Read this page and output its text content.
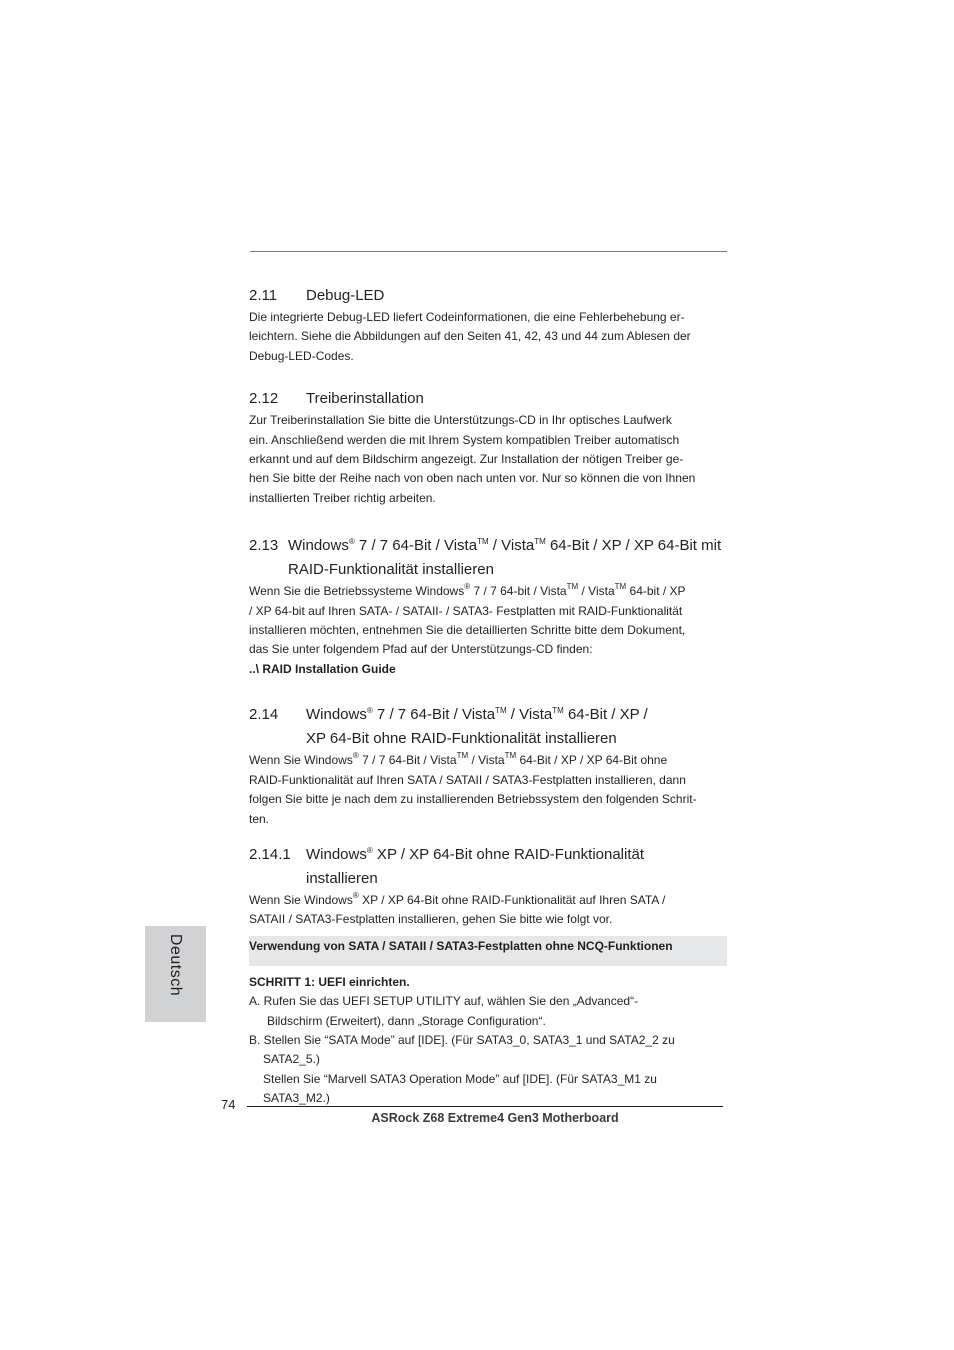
2.11 Debug-LED
Die integrierte Debug-LED liefert Codeinformationen, die eine Fehlerbehebung er-
leichtern. Siehe die Abbildungen auf den Seiten 41, 42, 43 und 44 zum Ablesen der
Debug-LED-Codes.
2.12 Treiberinstallation
Zur Treiberinstallation Sie bitte die Unterstützungs-CD in Ihr optisches Laufwerk
ein. Anschließend werden die mit Ihrem System kompatiblen Treiber automatisch
erkannt und auf dem Bildschirm angezeigt. Zur Installation der nötigen Treiber ge-
hen Sie bitte der Reihe nach von oben nach unten vor. Nur so können die von Ihnen
installierten Treiber richtig arbeiten.
2.13 Windows® 7 / 7 64-Bit / Vista™ / Vista™ 64-Bit / XP / XP 64-Bit mit
RAID-Funktionalität installieren
Wenn Sie die Betriebssysteme Windows® 7 / 7 64-bit / Vista™ / Vista™ 64-bit / XP
/ XP 64-bit auf Ihren SATA- / SATAII- / SATA3- Festplatten mit RAID-Funktionalität
installieren möchten, entnehmen Sie die detaillierten Schritte bitte dem Dokument,
das Sie unter folgendem Pfad auf der Unterstützungs-CD finden:
..\ RAID Installation Guide
2.14 Windows® 7 / 7 64-Bit / Vista™ / Vista™ 64-Bit / XP /
XP 64-Bit ohne RAID-Funktionalität installieren
Wenn Sie Windows® 7 / 7 64-Bit / Vista™ / Vista™ 64-Bit / XP / XP 64-Bit ohne
RAID-Funktionalität auf Ihren SATA / SATAII / SATA3-Festplatten installieren, dann
folgen Sie bitte je nach dem zu installierenden Betriebssystem den folgenden Schrit-
ten.
2.14.1 Windows® XP / XP 64-Bit ohne RAID-Funktionalität
installieren
Wenn Sie Windows® XP / XP 64-Bit ohne RAID-Funktionalität auf Ihren SATA /
SATAII / SATA3-Festplatten installieren, gehen Sie bitte wie folgt vor.
Verwendung von SATA / SATAII / SATA3-Festplatten ohne NCQ-Funktionen
SCHRITT 1: UEFI einrichten.
A. Rufen Sie das UEFI SETUP UTILITY auf, wählen Sie den „Advanced“-
Bildschirm (Erweitert), dann „Storage Configuration“.
B. Stellen Sie “SATA Mode” auf [IDE]. (Für SATA3_0, SATA3_1 und SATA2_2 zu
SATA2_5.)
Stellen Sie “Marvell SATA3 Operation Mode” auf [IDE]. (Für SATA3_M1 zu
SATA3_M2.)
Deutsch
74
ASRock Z68 Extreme4 Gen3 Motherboard
